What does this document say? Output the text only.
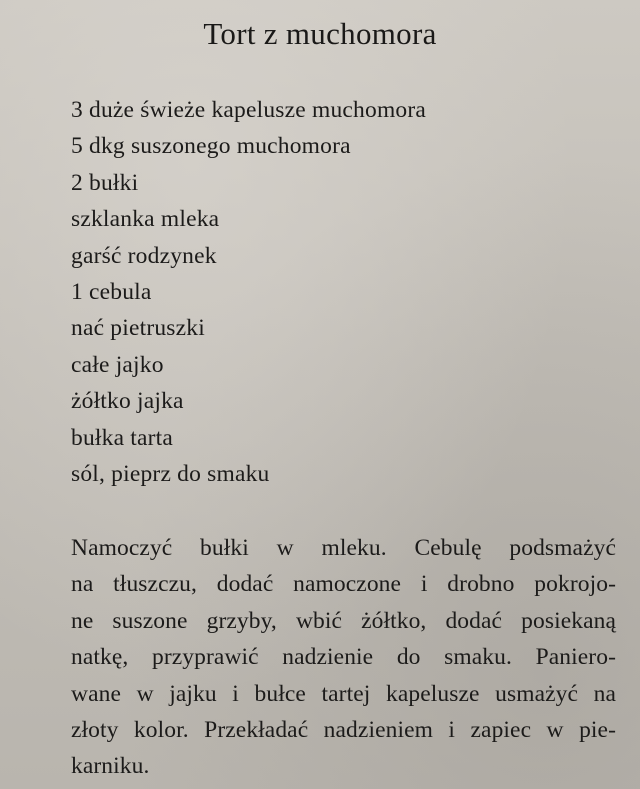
Tort z muchomora
3 duże świeże kapelusze muchomora
5 dkg suszonego muchomora
2 bułki
szklanka mleka
garść rodzynek
1 cebula
nać pietruszki
całe jajko
żółtko jajka
bułka tarta
sól, pieprz do smaku
Namoczyć bułki w mleku. Cebulę podsmażyć
na tłuszczu, dodać namoczone i drobno pokrojo-
ne suszone grzyby, wbić żółtko, dodać posiekaną
natkę, przyprawić nadzienie do smaku. Paniero-
wane w jajku i bułce tartej kapelusze usmażyć na
złoty kolor. Przekładać nadzieniem i zapiec w pie-
karniku.
